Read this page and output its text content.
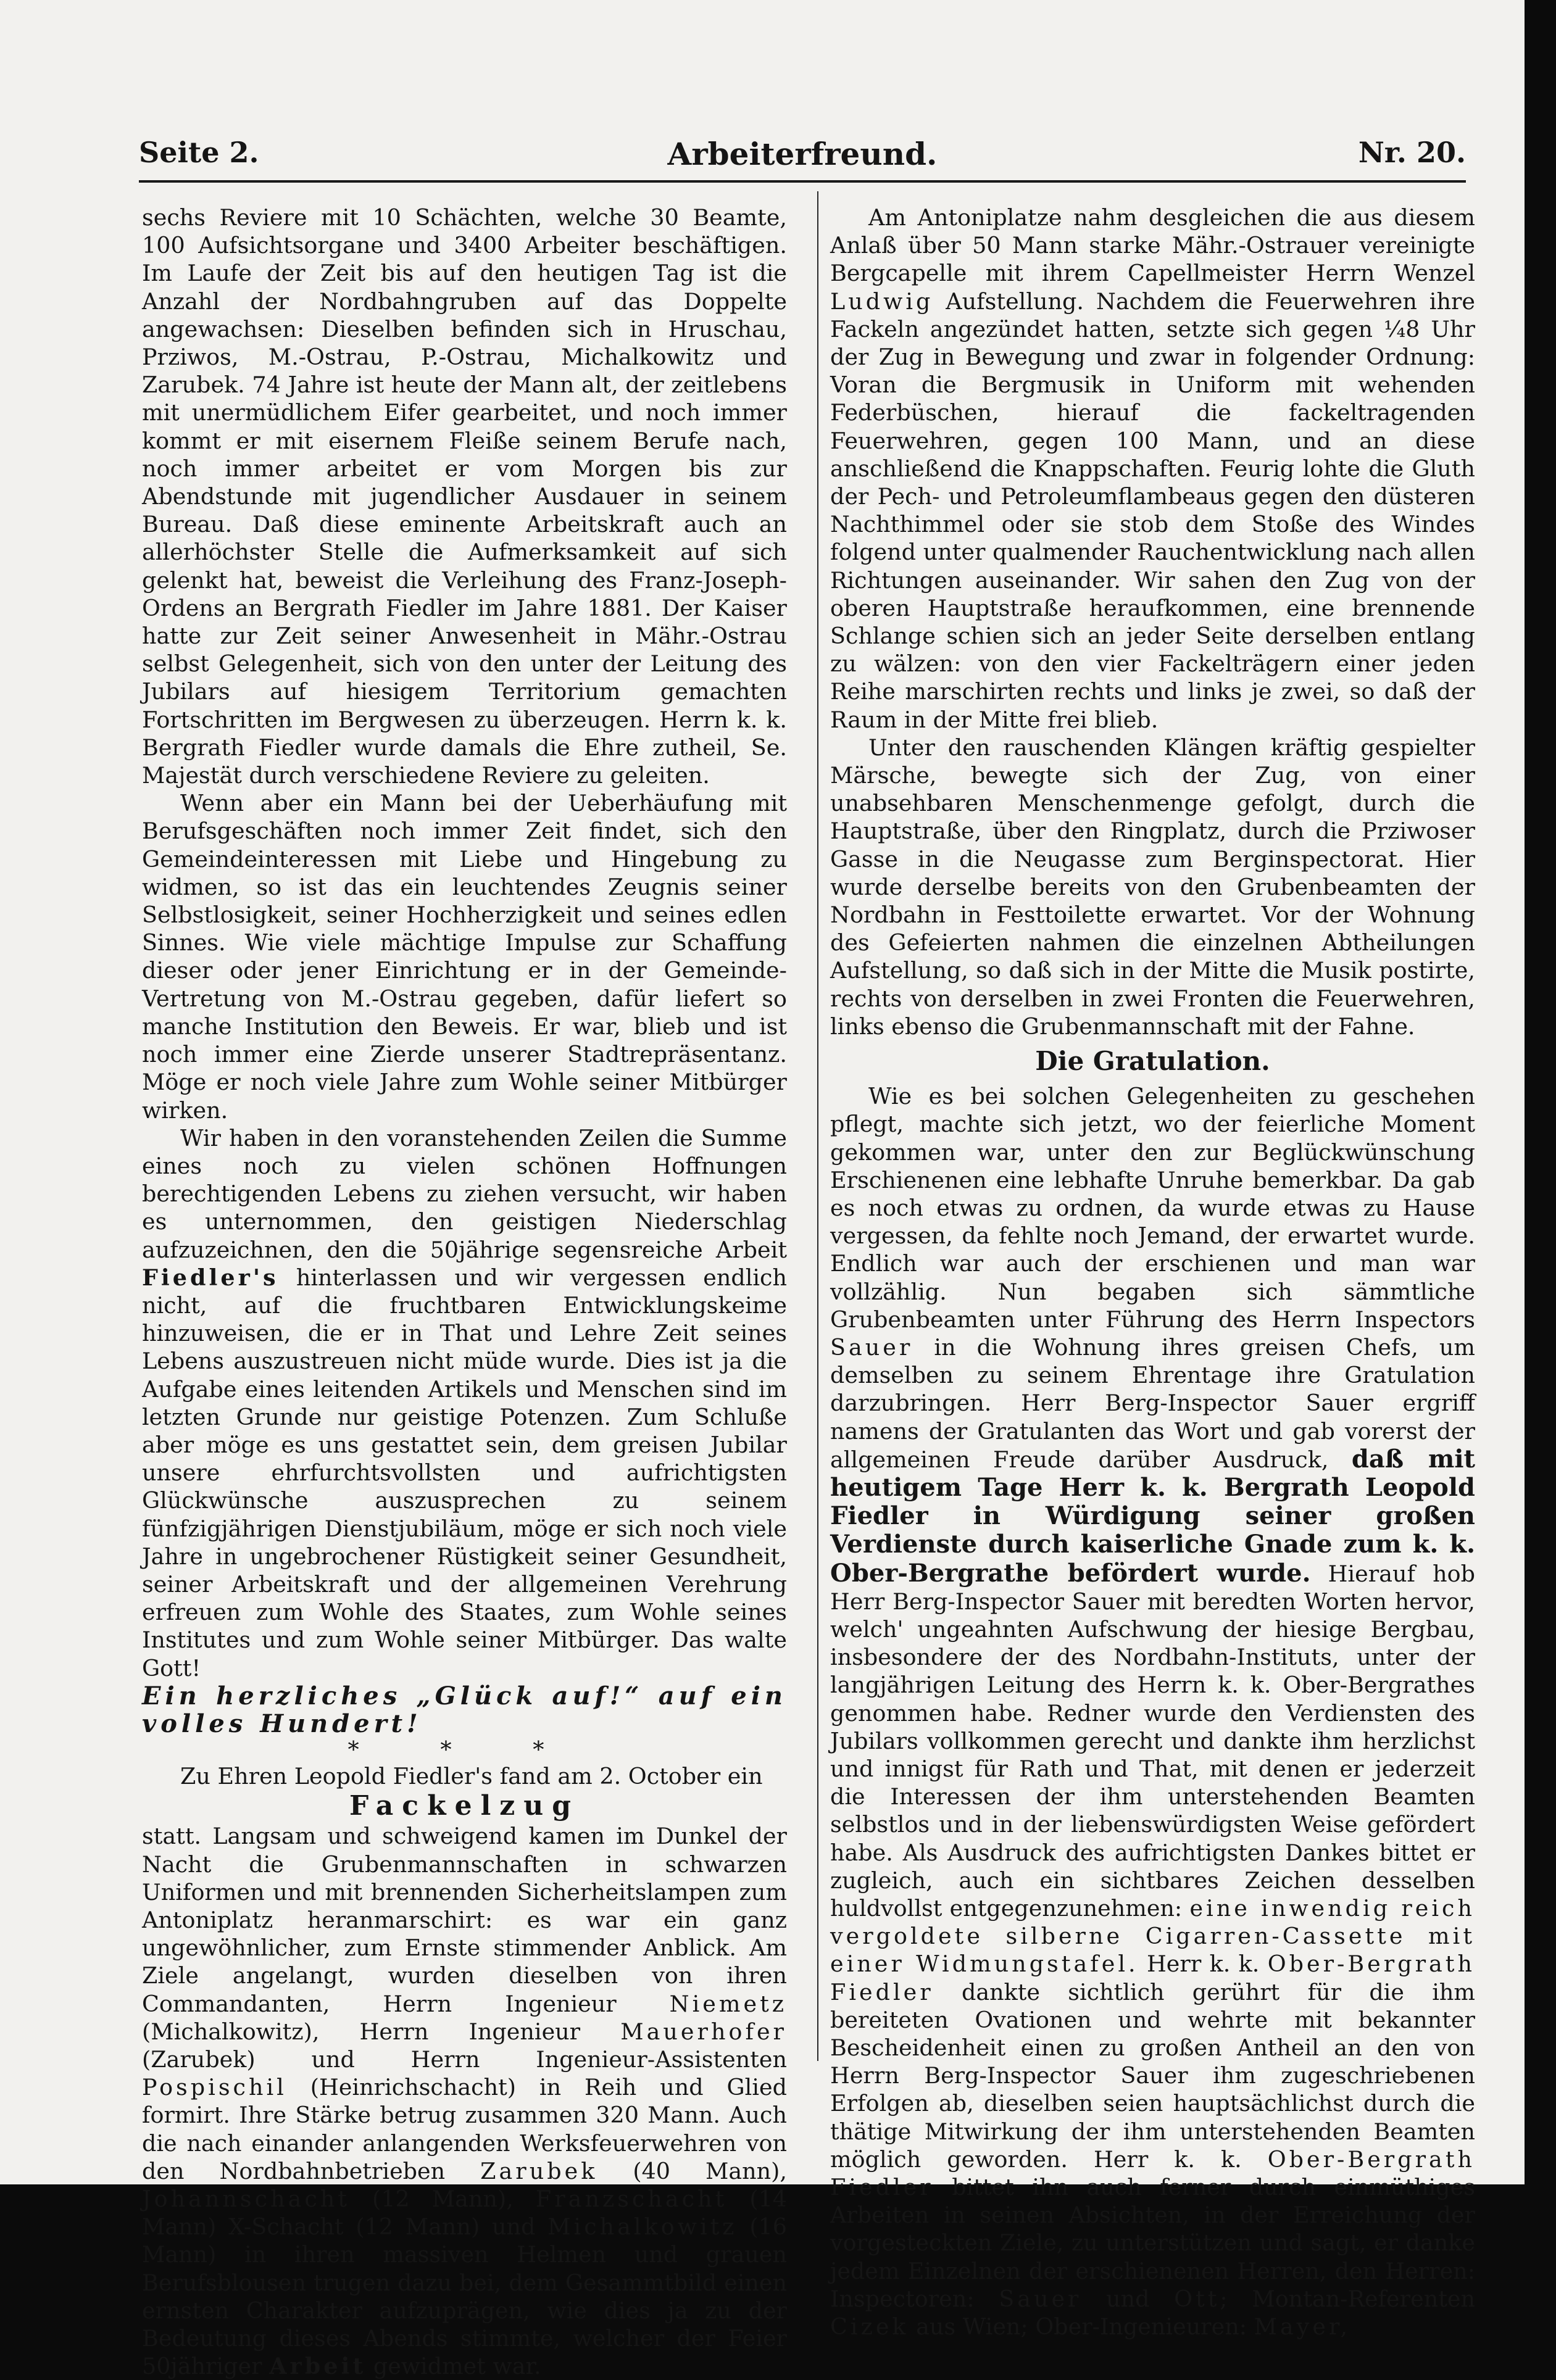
Seite 2.	Arbeiterfreund.	Nr. 20.

sechs Reviere mit 10 Schächten, welche 30 Beamte, 100 Aufsichtsorgane und 3400 Arbeiter beschäftigen. Im Laufe der Zeit bis auf den heutigen Tag ist die Anzahl der Nordbahngruben auf das Doppelte angewachsen: Dieselben befinden sich in Hruschau, Prziwos, M.-Ostrau, P.-Ostrau, Michalkowitz und Zarubek. 74 Jahre ist heute der Mann alt, der zeitlebens mit unermüdlichem Eifer gearbeitet, und noch immer kommt er mit eisernem Fleiße seinem Berufe nach, noch immer arbeitet er vom Morgen bis zur Abendstunde mit jugendlicher Ausdauer in seinem Bureau. Daß diese eminente Arbeitskraft auch an allerhöchster Stelle die Aufmerksamkeit auf sich gelenkt hat, beweist die Verleihung des Franz-Joseph-Ordens an Bergrath Fiedler im Jahre 1881. Der Kaiser hatte zur Zeit seiner Anwesenheit in Mähr.-Ostrau selbst Gelegenheit, sich von den unter der Leitung des Jubilars auf hiesigem Territorium gemachten Fortschritten im Bergwesen zu überzeugen. Herrn k. k. Bergrath Fiedler wurde damals die Ehre zutheil, Se. Majestät durch verschiedene Reviere zu geleiten.

Wenn aber ein Mann bei der Ueberhäufung mit Berufsgeschäften noch immer Zeit findet, sich den Gemeindeinteressen mit Liebe und Hingebung zu widmen, so ist das ein leuchtendes Zeugnis seiner Selbstlosigkeit, seiner Hochherzigkeit und seines edlen Sinnes. Wie viele mächtige Impulse zur Schaffung dieser oder jener Einrichtung er in der Gemeinde-Vertretung von M.-Ostrau gegeben, dafür liefert so manche Institution den Beweis. Er war, blieb und ist noch immer eine Zierde unserer Stadtrepräsentanz. Möge er noch viele Jahre zum Wohle seiner Mitbürger wirken.

Wir haben in den voranstehenden Zeilen die Summe eines noch zu vielen schönen Hoffnungen berechtigenden Lebens zu ziehen versucht, wir haben es unternommen, den geistigen Niederschlag aufzuzeichnen, den die 50jährige segensreiche Arbeit Fiedler's hinterlassen und wir vergessen endlich nicht, auf die fruchtbaren Entwicklungskeime hinzuweisen, die er in That und Lehre Zeit seines Lebens auszustreuen nicht müde wurde. Dies ist ja die Aufgabe eines leitenden Artikels und Menschen sind im letzten Grunde nur geistige Potenzen. Zum Schluße aber möge es uns gestattet sein, dem greisen Jubilar unsere ehrfurchtsvollsten und aufrichtigsten Glückwünsche auszusprechen zu seinem fünfzigjährigen Dienstjubiläum, möge er sich noch viele Jahre in ungebrochener Rüstigkeit seiner Gesundheit, seiner Arbeitskraft und der allgemeinen Verehrung erfreuen zum Wohle des Staates, zum Wohle seines Institutes und zum Wohle seiner Mitbürger. Das walte Gott!

Ein herzliches „Glück auf!“ auf ein volles Hundert!

* * *

Zu Ehren Leopold Fiedler's fand am 2. October ein

Fackelzug

statt. Langsam und schweigend kamen im Dunkel der Nacht die Grubenmannschaften in schwarzen Uniformen und mit brennenden Sicherheitslampen zum Antoniplatz heranmarschirt: es war ein ganz ungewöhnlicher, zum Ernste stimmender Anblick. Am Ziele angelangt, wurden dieselben von ihren Commandanten, Herrn Ingenieur Niemetz (Michalkowitz), Herrn Ingenieur Mauerhofer (Zarubek) und Herrn Ingenieur-Assistenten Pospischil (Heinrichschacht) in Reih und Glied formirt. Ihre Stärke betrug zusammen 320 Mann. Auch die nach einander anlangenden Werksfeuerwehren von den Nordbahnbetrieben Zarubek (40 Mann), Johannschacht (12 Mann), Franzschacht (14 Mann) X-Schacht (12 Mann) und Michalkowitz (16 Mann) in ihren massiven Helmen und grauen Berufsblousen trugen dazu bei, dem Gesammtbild einen ernsten Charakter aufzuprägen, wie dies ja zu der Bedeutung dieses Abends stimmte, welcher der Feier 50jähriger Arbeit gewidmet war.

Am Antoniplatze nahm desgleichen die aus diesem Anlaß über 50 Mann starke Mähr.-Ostrauer vereinigte Bergcapelle mit ihrem Capellmeister Herrn Wenzel Ludwig Aufstellung. Nachdem die Feuerwehren ihre Fackeln angezündet hatten, setzte sich gegen ¼8 Uhr der Zug in Bewegung und zwar in folgender Ordnung: Voran die Bergmusik in Uniform mit wehenden Federbüschen, hierauf die fackeltragenden Feuerwehren, gegen 100 Mann, und an diese anschließend die Knappschaften. Feurig lohte die Gluth der Pech- und Petroleumflambeaus gegen den düsteren Nachthimmel oder sie stob dem Stoße des Windes folgend unter qualmender Rauchentwicklung nach allen Richtungen auseinander. Wir sahen den Zug von der oberen Hauptstraße heraufkommen, eine brennende Schlange schien sich an jeder Seite derselben entlang zu wälzen: von den vier Fackelträgern einer jeden Reihe marschirten rechts und links je zwei, so daß der Raum in der Mitte frei blieb.

Unter den rauschenden Klängen kräftig gespielter Märsche, bewegte sich der Zug, von einer unabsehbaren Menschenmenge gefolgt, durch die Hauptstraße, über den Ringplatz, durch die Prziwoser Gasse in die Neugasse zum Berginspectorat. Hier wurde derselbe bereits von den Grubenbeamten der Nordbahn in Festtoilette erwartet. Vor der Wohnung des Gefeierten nahmen die einzelnen Abtheilungen Aufstellung, so daß sich in der Mitte die Musik postirte, rechts von derselben in zwei Fronten die Feuerwehren, links ebenso die Grubenmannschaft mit der Fahne.

Die Gratulation.

Wie es bei solchen Gelegenheiten zu geschehen pflegt, machte sich jetzt, wo der feierliche Moment gekommen war, unter den zur Beglückwünschung Erschienenen eine lebhafte Unruhe bemerkbar. Da gab es noch etwas zu ordnen, da wurde etwas zu Hause vergessen, da fehlte noch Jemand, der erwartet wurde. Endlich war auch der erschienen und man war vollzählig. Nun begaben sich sämmtliche Grubenbeamten unter Führung des Herrn Inspectors Sauer in die Wohnung ihres greisen Chefs, um demselben zu seinem Ehrentage ihre Gratulation darzubringen. Herr Berg-Inspector Sauer ergriff namens der Gratulanten das Wort und gab vorerst der allgemeinen Freude darüber Ausdruck, daß mit heutigem Tage Herr k. k. Bergrath Leopold Fiedler in Würdigung seiner großen Verdienste durch kaiserliche Gnade zum k. k. Ober-Bergrathe befördert wurde. Hierauf hob Herr Berg-Inspector Sauer mit beredten Worten hervor, welch' ungeahnten Aufschwung der hiesige Bergbau, insbesondere der des Nordbahn-Instituts, unter der langjährigen Leitung des Herrn k. k. Ober-Bergrathes genommen habe. Redner wurde den Verdiensten des Jubilars vollkommen gerecht und dankte ihm herzlichst und innigst für Rath und That, mit denen er jederzeit die Interessen der ihm unterstehenden Beamten selbstlos und in der liebenswürdigsten Weise gefördert habe. Als Ausdruck des aufrichtigsten Dankes bittet er zugleich, auch ein sichtbares Zeichen desselben huldvollst entgegenzunehmen: eine inwendig reich vergoldete silberne Cigarren-Cassette mit einer Widmungstafel. Herr k. k. Ober-Bergrath Fiedler dankte sichtlich gerührt für die ihm bereiteten Ovationen und wehrte mit bekannter Bescheidenheit einen zu großen Antheil an den von Herrn Berg-Inspector Sauer ihm zugeschriebenen Erfolgen ab, dieselben seien hauptsächlichst durch die thätige Mitwirkung der ihm unterstehenden Beamten möglich geworden. Herr k. k. Ober-Bergrath Fiedler bittet ihn auch ferner durch einmüthiges Arbeiten in seinen Absichten, in der Erreichung der vorgesteckten Ziele, zu unterstützen und sagt, er danke jedem Einzelnen der erschienenen Herren, den Herren: Inspectoren: Sauer und Ott; Montan-Referenten Cizek aus Wien; Ober-Ingenieuren: Mayer,
